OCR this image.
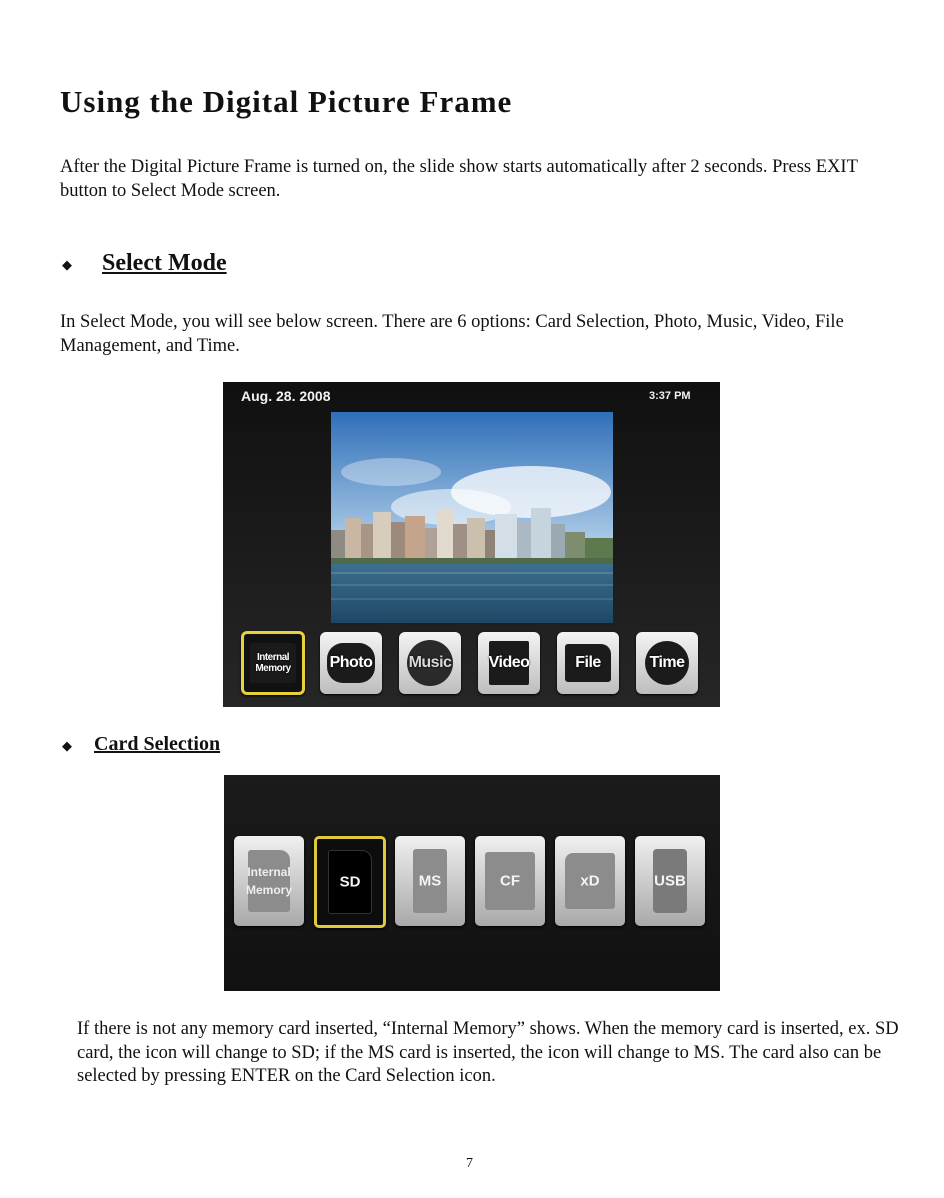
Using the Digital Picture Frame

After the Digital Picture Frame is turned on, the slide show starts automatically after 2 seconds. Press EXIT button to Select Mode screen.

◆ Select Mode

In Select Mode, you will see below screen. There are 6 options: Card Selection, Photo, Music, Video, File Management, and Time.

Aug. 28. 2008	3:37 PM
Internal
Memory	Photo	Music	Video	File	Time
◆ Card Selection
Internal
Memory	SD	MS	CF	xD	USB

If there is not any memory card inserted, “Internal Memory” shows. When the memory card is inserted, ex. SD card, the icon will change to SD; if the MS card is inserted, the icon will change to MS. The card also can be selected by pressing ENTER on the Card Selection icon.

7
